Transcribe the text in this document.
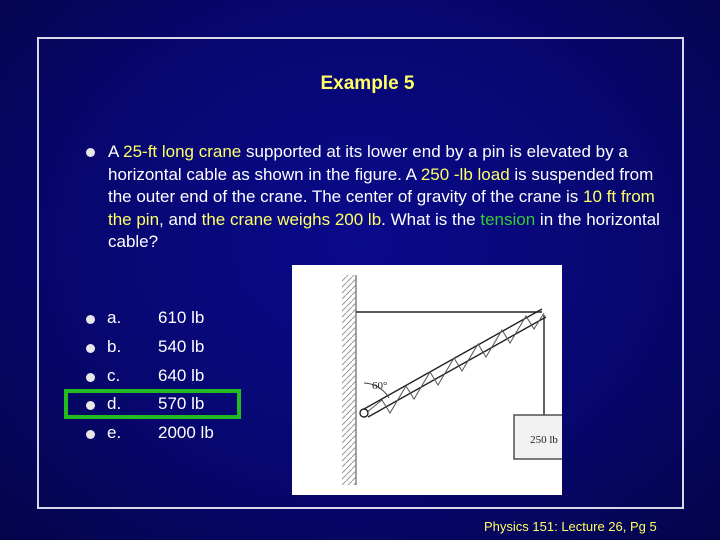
Example 5
A 25-ft long crane supported at its lower end by a pin is elevated by a horizontal cable as shown in the figure. A 250 -lb load is suspended from the outer end of the crane. The center of gravity of the crane is 10 ft from the pin, and the crane weighs 200 lb. What is the tension in the horizontal cable?
a. 610 lb
b. 540 lb
c. 640 lb
d. 570 lb
e. 2000 lb
60°
250 lb
Physics 151: Lecture 26, Pg 5
